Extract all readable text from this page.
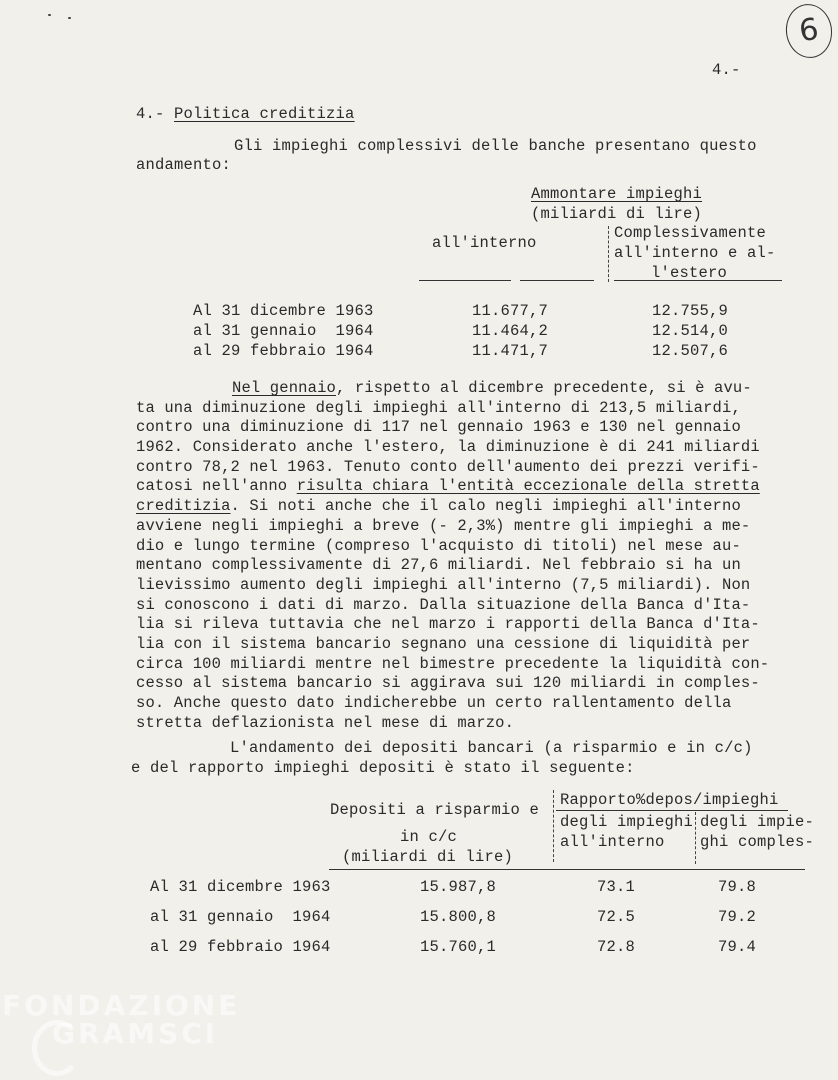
6
4.-
4.- Politica creditizia
Gli impieghi complessivi delle banche presentano questo
andamento:
Ammontare impieghi
(miliardi di lire)
all'interno
Complessivamente
all'interno e al-
l'estero
Al 31 dicembre 1963	11.677,7	12.755,9
al 31 gennaio  1964	11.464,2	12.514,0
al 29 febbraio 1964	11.471,7	12.507,6
Nel gennaio, rispetto al dicembre precedente, si è avu-
ta una diminuzione degli impieghi all'interno di 213,5 miliardi,
contro una diminuzione di 117 nel gennaio 1963 e 130 nel gennaio
1962. Considerato anche l'estero, la diminuzione è di 241 miliardi
contro 78,2 nel 1963. Tenuto conto dell'aumento dei prezzi verifi-
catosi nell'anno risulta chiara l'entità eccezionale della stretta
creditizia. Si noti anche che il calo negli impieghi all'interno
avviene negli impieghi a breve (- 2,3%) mentre gli impieghi a me-
dio e lungo termine (compreso l'acquisto di titoli) nel mese au-
mentano complessivamente di 27,6 miliardi. Nel febbraio si ha un
lievissimo aumento degli impieghi all'interno (7,5 miliardi). Non
si conoscono i dati di marzo. Dalla situazione della Banca d'Ita-
lia si rileva tuttavia che nel marzo i rapporti della Banca d'Ita-
lia con il sistema bancario segnano una cessione di liquidità per
circa 100 miliardi mentre nel bimestre precedente la liquidità con-
cesso al sistema bancario si aggirava sui 120 miliardi in comples-
so. Anche questo dato indicherebbe un certo rallentamento della
stretta deflazionista nel mese di marzo.
L'andamento dei depositi bancari (a risparmio e in c/c)
e del rapporto impieghi depositi è stato il seguente:
Depositi a risparmio e
in c/c
(miliardi di lire)
Rapporto%depos/impieghi
degli impieghi
all'interno
degli impie-
ghi comples-
Al 31 dicembre 1963	15.987,8	73.1	79.8
al 31 gennaio  1964	15.800,8	72.5	79.2
al 29 febbraio 1964	15.760,1	72.8	79.4
FONDAZIONE
GRAMSCI
